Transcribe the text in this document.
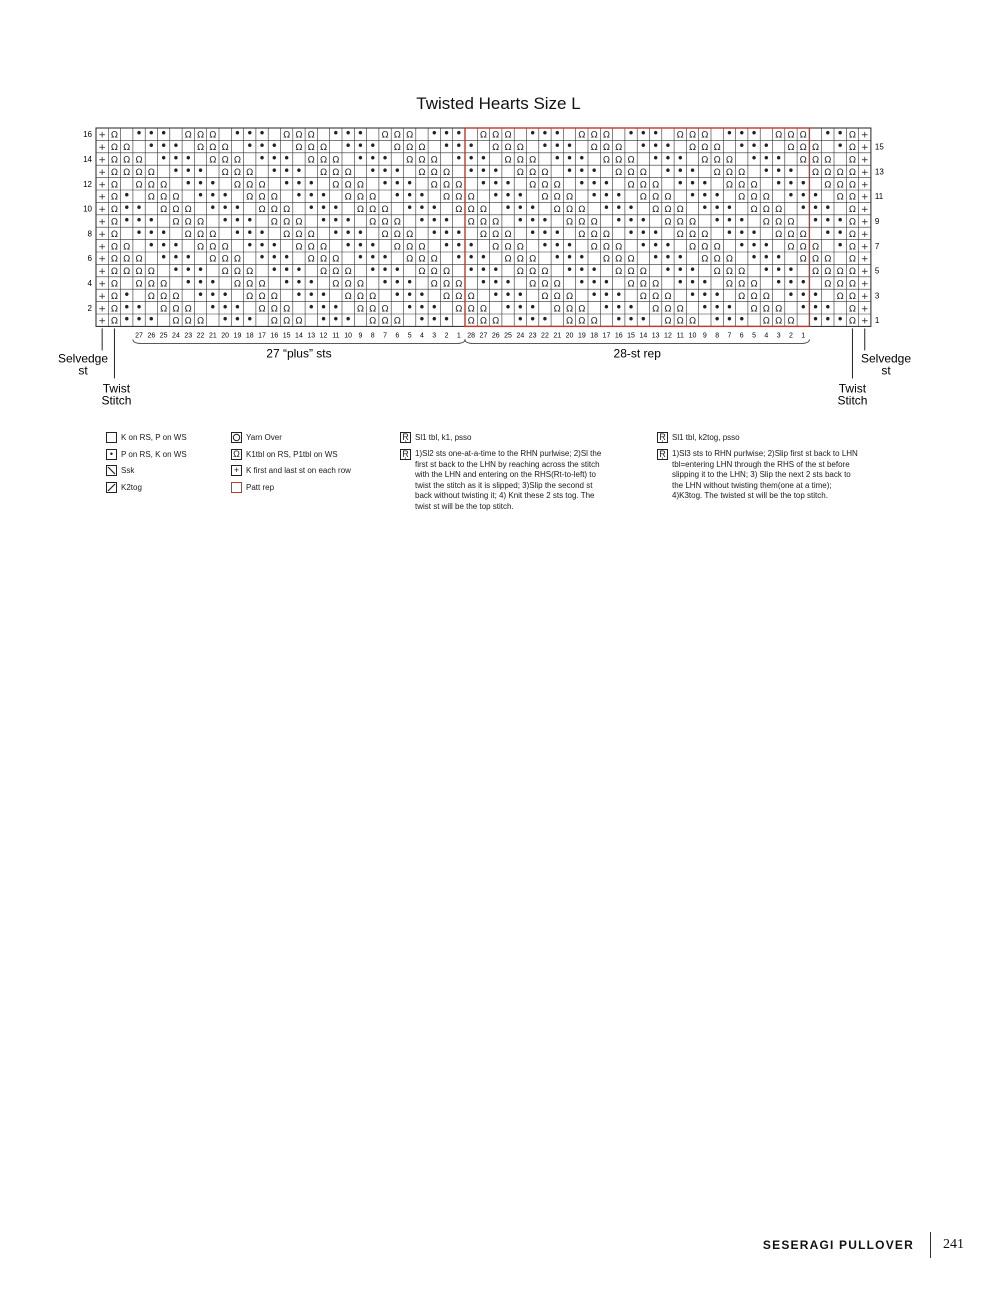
Twisted Hearts Size L
+ Ω • • • Ω Ω Ω • • • Ω Ω Ω • • • Ω Ω Ω • • • Ω Ω Ω • • • Ω Ω Ω • • • Ω Ω Ω • • • Ω Ω Ω • • Ω +
+ Ω Ω • • • Ω Ω Ω • • • Ω Ω Ω • • • Ω Ω Ω • • • Ω Ω Ω • • • Ω Ω Ω • • • Ω Ω Ω • • • Ω Ω Ω • Ω +
+ Ω Ω Ω • • • Ω Ω Ω • • • Ω Ω Ω • • • Ω Ω Ω • • • Ω Ω Ω • • • Ω Ω Ω • • • Ω Ω Ω • • • Ω Ω Ω Ω +
+ Ω Ω Ω Ω • • • Ω Ω Ω • • • Ω Ω Ω • • • Ω Ω Ω • • • Ω Ω Ω • • • Ω Ω Ω • • • Ω Ω Ω • • • Ω Ω Ω Ω +
+ Ω Ω Ω Ω • • • Ω Ω Ω • • • Ω Ω Ω • • • Ω Ω Ω • • • Ω Ω Ω • • • Ω Ω Ω • • • Ω Ω Ω • • • Ω Ω Ω +
+ Ω • Ω Ω Ω • • • Ω Ω Ω • • • Ω Ω Ω • • • Ω Ω Ω • • • Ω Ω Ω • • • Ω Ω Ω • • • Ω Ω Ω • • • Ω Ω +
+ Ω • • Ω Ω Ω • • • Ω Ω Ω • • • Ω Ω Ω • • • Ω Ω Ω • • • Ω Ω Ω • • • Ω Ω Ω • • • Ω Ω Ω • • • Ω +
+ Ω • • • Ω Ω Ω • • • Ω Ω Ω • • • Ω Ω Ω • • • Ω Ω Ω • • • Ω Ω Ω • • • Ω Ω Ω • • • Ω Ω Ω • • • Ω +
+ Ω • • • Ω Ω Ω • • • Ω Ω Ω • • • Ω Ω Ω • • • Ω Ω Ω • • • Ω Ω Ω • • • Ω Ω Ω • • • Ω Ω Ω • • Ω +
+ Ω Ω • • • Ω Ω Ω • • • Ω Ω Ω • • • Ω Ω Ω • • • Ω Ω Ω • • • Ω Ω Ω • • • Ω Ω Ω • • • Ω Ω Ω • Ω +
+ Ω Ω Ω • • • Ω Ω Ω • • • Ω Ω Ω • • • Ω Ω Ω • • • Ω Ω Ω • • • Ω Ω Ω • • • Ω Ω Ω • • • Ω Ω Ω Ω +
+ Ω Ω Ω Ω • • • Ω Ω Ω • • • Ω Ω Ω • • • Ω Ω Ω • • • Ω Ω Ω • • • Ω Ω Ω • • • Ω Ω Ω • • • Ω Ω Ω Ω +
+ Ω Ω Ω Ω • • • Ω Ω Ω • • • Ω Ω Ω • • • Ω Ω Ω • • • Ω Ω Ω • • • Ω Ω Ω • • • Ω Ω Ω • • • Ω Ω Ω +
+ Ω • Ω Ω Ω • • • Ω Ω Ω • • • Ω Ω Ω • • • Ω Ω Ω • • • Ω Ω Ω • • • Ω Ω Ω • • • Ω Ω Ω • • • Ω Ω +
+ Ω • • Ω Ω Ω • • • Ω Ω Ω • • • Ω Ω Ω • • • Ω Ω Ω • • • Ω Ω Ω • • • Ω Ω Ω • • • Ω Ω Ω • • • Ω +
+ Ω • • • Ω Ω Ω • • • Ω Ω Ω • • • Ω Ω Ω • • • Ω Ω Ω • • • Ω Ω Ω • • • Ω Ω Ω • • • Ω Ω Ω • • • Ω +
16
14
12
10
8
6
4
2
15
13
11
9
7
5
3
1
27 26 25 24 23 22 21 20 19 18 17 16 15 14 13 12 11 10 9 8 7 6 5 4 3 2 1 28 27 26 25 24 23 22 21 20 19 18 17 16 15 14 13 12 11 10 9 8 7 6 5 4 3 2 1
27 “plus” sts	28-st rep
Selvedge
st
Twist
Stitch
Selvedge
st
Twist
Stitch
K on RS, P on WS
• P on RS, K on WS
Ssk
K2tog
Yarn Over
Ω K1tbl on RS, P1tbl on WS
+ K first and last st on each row
Patt rep
Ŗ Sl1 tbl, k1, psso
Ŗ 1)Sl2 sts one-at-a-time to the RHN purlwise; 2)Sl the first st back to the LHN by reaching across the stitch with the LHN and entering on the RHS(Rt-to-left) to twist the stitch as it is slipped; 3)Slip the second st back without twisting it; 4) Knit these 2 sts tog. The twist st will be the top stitch.
Ŗ Sl1 tbl, k2tog, psso
Ŗ 1)Sl3 sts to RHN purlwise; 2)Slip first st back to LHN tbl=entering LHN through the RHS of the st before slipping it to the LHN; 3) Slip the next 2 sts back to the LHN without twisting them(one at a time); 4)K3tog. The twisted st will be the top stitch.
SESERAGI PULLOVER 241
